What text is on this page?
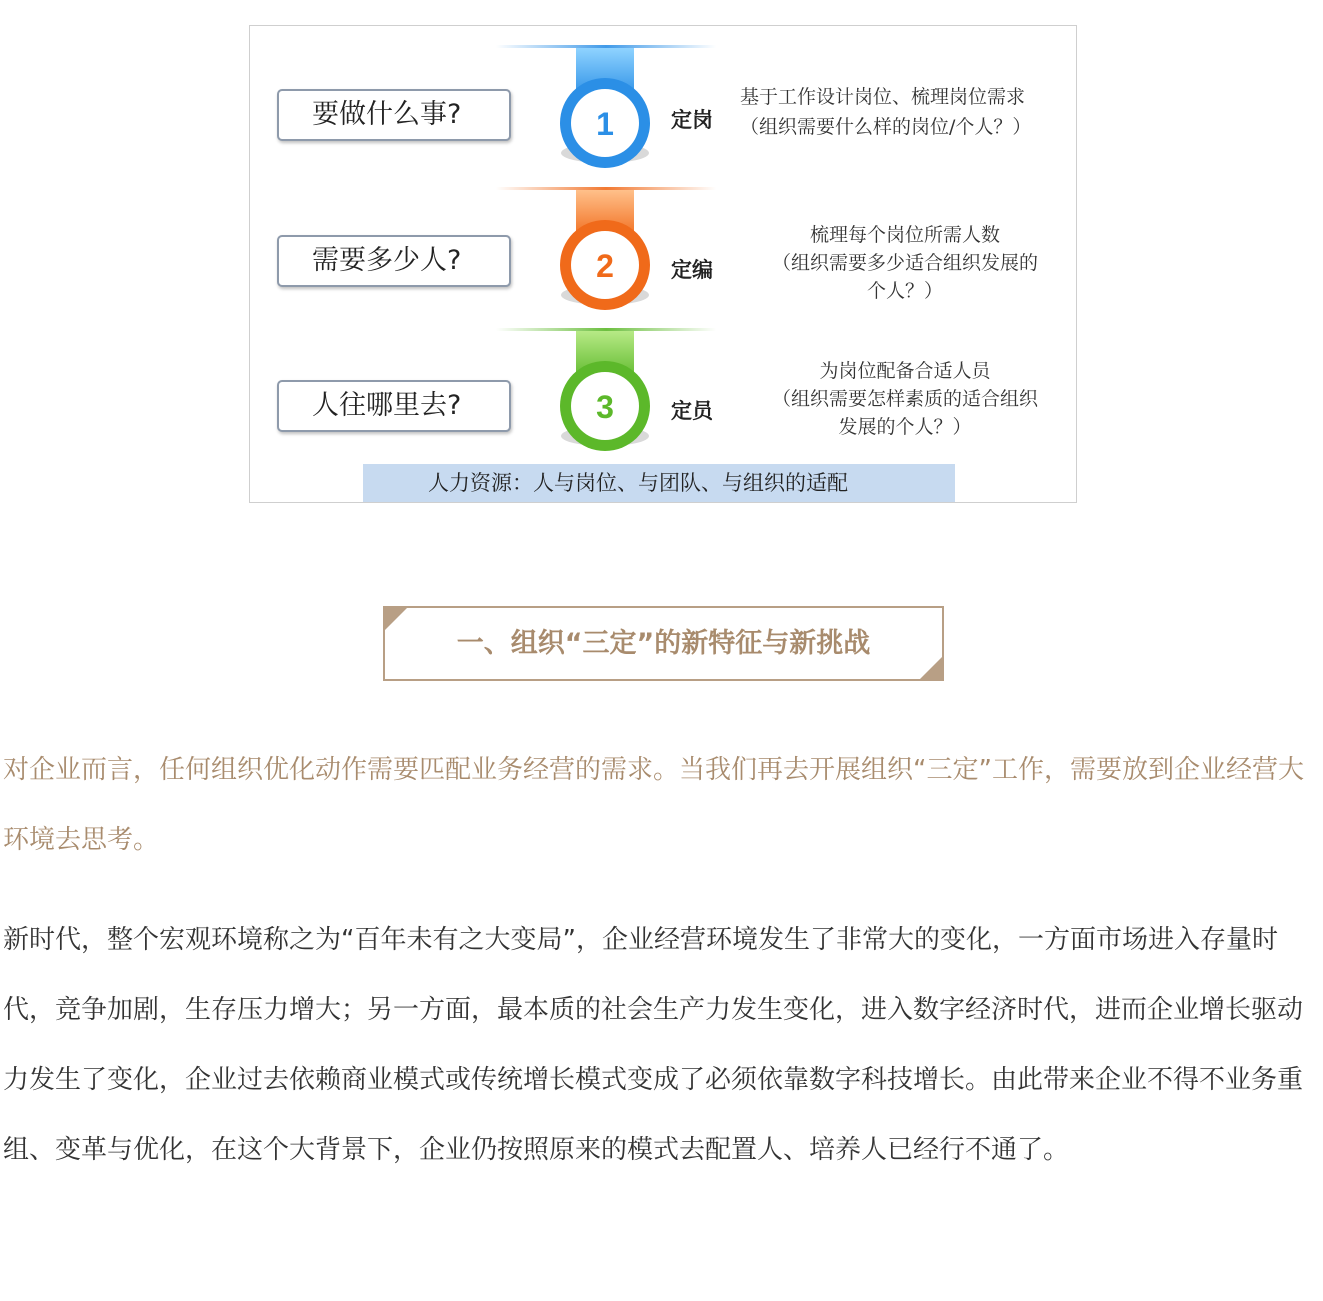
要做什么事?	1	定岗
基于工作设计岗位、梳理岗位需求
（组织需要什么样的岗位/个人？）
需要多少人?	2	定编
梳理每个岗位所需人数
（组织需要多少适合组织发展的
个人？）
人往哪里去?	3	定员
为岗位配备合适人员
（组织需要怎样素质的适合组织
发展的个人？）
人力资源：人与岗位、与团队、与组织的适配
一、组织“三定”的新特征与新挑战

对企业而言，任何组织优化动作需要匹配业务经营的需求。当我们再去开展组织“三定”工作，需要放到企业经营大环境去思考。

新时代，整个宏观环境称之为“百年未有之大变局”，企业经营环境发生了非常大的变化，一方面市场进入存量时代，竞争加剧，生存压力增大；另一方面，最本质的社会生产力发生变化，进入数字经济时代，进而企业增长驱动力发生了变化，企业过去依赖商业模式或传统增长模式变成了必须依靠数字科技增长。由此带来企业不得不业务重组、变革与优化，在这个大背景下，企业仍按照原来的模式去配置人、培养人已经行不通了。
